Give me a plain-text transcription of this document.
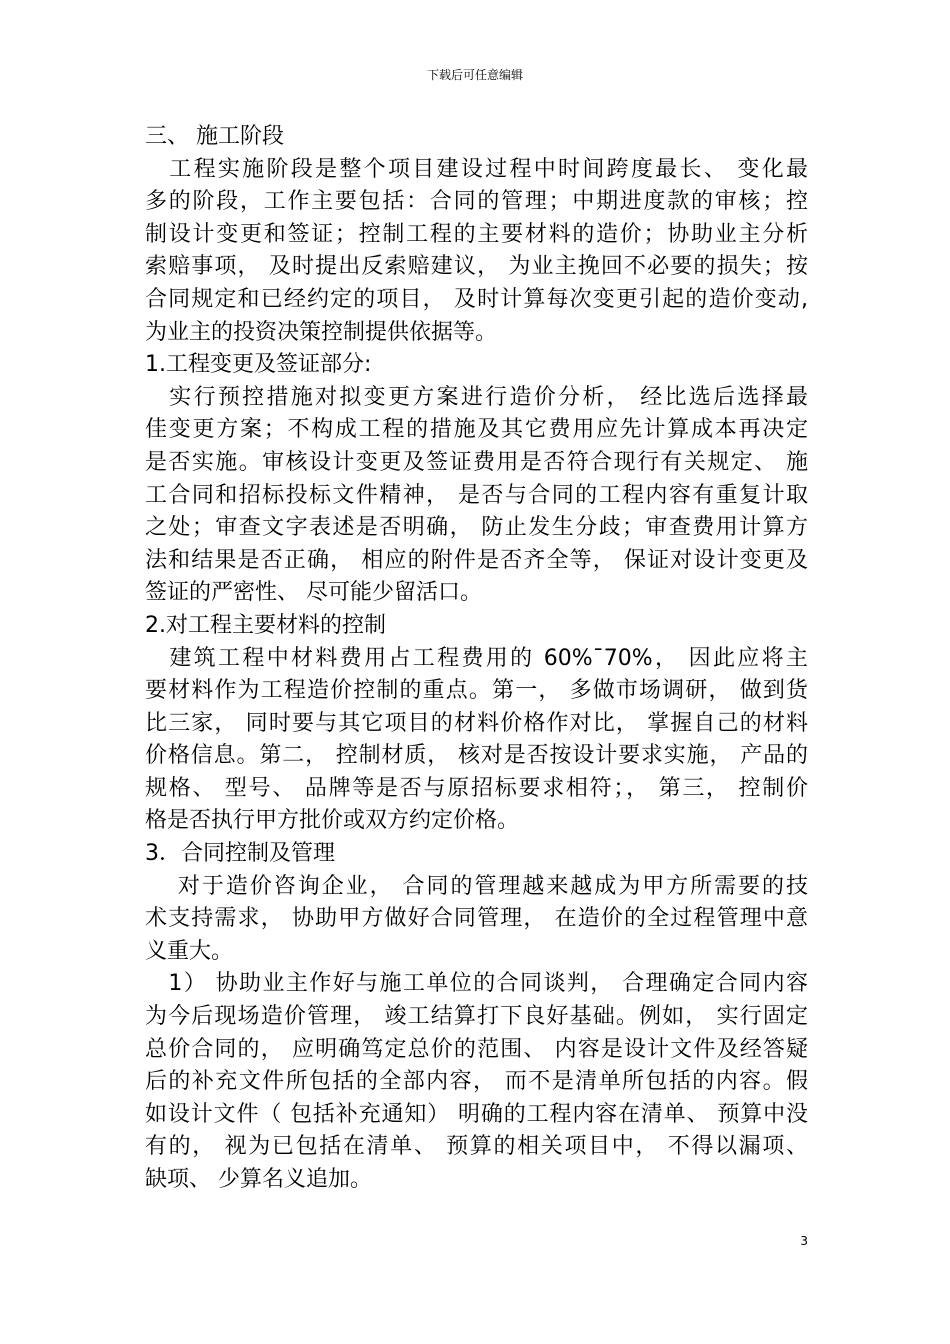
下载后可任意编辑
三、 施工阶段
　工程实施阶段是整个项目建设过程中时间跨度最长、 变化最
多的阶段，工作主要包括：合同的管理；中期进度款的审核；控
制设计变更和签证；控制工程的主要材料的造价；协助业主分析
索赔事项， 及时提出反索赔建议， 为业主挽回不必要的损失；按
合同规定和已经约定的项目， 及时计算每次变更引起的造价变动,
为业主的投资决策控制提供依据等。
1.工程变更及签证部分:
　实行预控措施对拟变更方案进行造价分析， 经比选后选择最
佳变更方案；不构成工程的措施及其它费用应先计算成本再决定
是否实施。审核设计变更及签证费用是否符合现行有关规定、 施
工合同和招标投标文件精神， 是否与合同的工程内容有重复计取
之处；审查文字表述是否明确， 防止发生分歧；审查费用计算方
法和结果是否正确， 相应的附件是否齐全等， 保证对设计变更及
签证的严密性、 尽可能少留活口。
2.对工程主要材料的控制
　建筑工程中材料费用占工程费用的 60%¯70%， 因此应将主
要材料作为工程造价控制的重点。第一， 多做市场调研， 做到货
比三家， 同时要与其它项目的材料价格作对比， 掌握自己的材料
价格信息。第二， 控制材质， 核对是否按设计要求实施， 产品的
规格、 型号、 品牌等是否与原招标要求相符；， 第三， 控制价
格是否执行甲方批价或双方约定价格。
3．合同控制及管理
　 对于造价咨询企业， 合同的管理越来越成为甲方所需要的技
术支持需求， 协助甲方做好合同管理， 在造价的全过程管理中意
义重大。
　1） 协助业主作好与施工单位的合同谈判， 合理确定合同内容
为今后现场造价管理， 竣工结算打下良好基础。例如， 实行固定
总价合同的， 应明确笃定总价的范围、 内容是设计文件及经答疑
后的补充文件所包括的全部内容， 而不是清单所包括的内容。假
如设计文件（ 包括补充通知） 明确的工程内容在清单、 预算中没
有的， 视为已包括在清单、 预算的相关项目中， 不得以漏项、
缺项、 少算名义追加。
3
